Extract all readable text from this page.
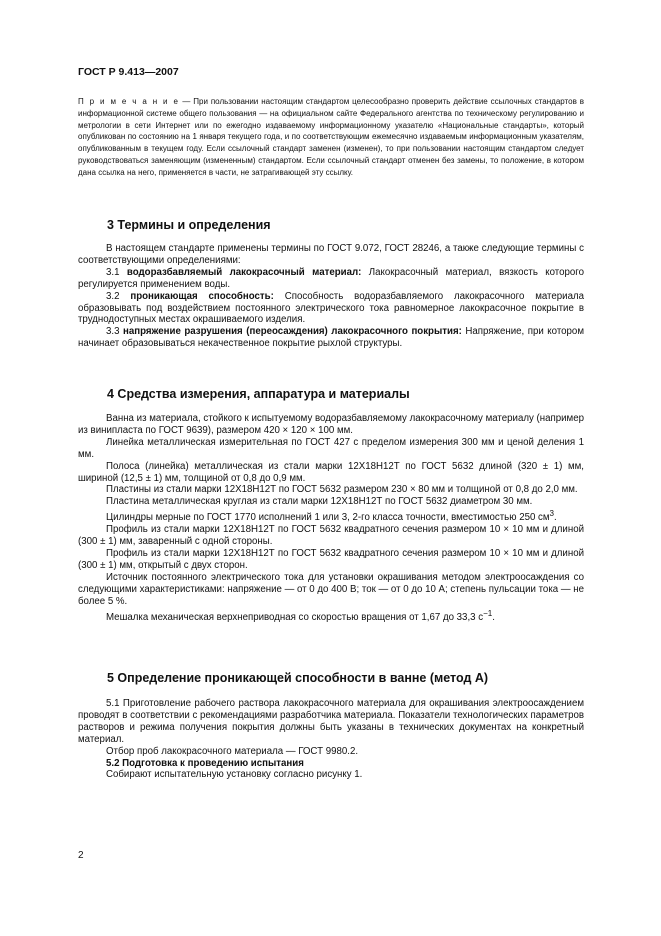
ГОСТ Р 9.413—2007
П р и м е ч а н и е — При пользовании настоящим стандартом целесообразно проверить действие ссылочных стандартов в информационной системе общего пользования — на официальном сайте Федерального агентства по техническому регулированию и метрологии в сети Интернет или по ежегодно издаваемому информационному указателю «Национальные стандарты», который опубликован по состоянию на 1 января текущего года, и по соответствующим ежемесячно издаваемым информационным указателям, опубликованным в текущем году. Если ссылочный стандарт заменен (изменен), то при пользовании настоящим стандартом следует руководствоваться заменяющим (измененным) стандартом. Если ссылочный стандарт отменен без замены, то положение, в котором дана ссылка на него, применяется в части, не затрагивающей эту ссылку.
3 Термины и определения

В настоящем стандарте применены термины по ГОСТ 9.072, ГОСТ 28246, а также следующие термины с соответствующими определениями:

3.1 водоразбавляемый лакокрасочный материал: Лакокрасочный материал, вязкость которого регулируется применением воды.

3.2 проникающая способность: Способность водоразбавляемого лакокрасочного материала образовывать под воздействием постоянного электрического тока равномерное лакокрасочное покрытие в труднодоступных местах окрашиваемого изделия.

3.3 напряжение разрушения (переосаждения) лакокрасочного покрытия: Напряжение, при котором начинает образовываться некачественное покрытие рыхлой структуры.

4 Средства измерения, аппаратура и материалы

Ванна из материала, стойкого к испытуемому водоразбавляемому лакокрасочному материалу (например из винипласта по ГОСТ 9639), размером 420 × 120 × 100 мм.

Линейка металлическая измерительная по ГОСТ 427 с пределом измерения 300 мм и ценой деления 1 мм.

Полоса (линейка) металлическая из стали марки 12Х18Н12Т по ГОСТ 5632 длиной (320 ± 1) мм, шириной (12,5 ± 1) мм, толщиной от 0,8 до 0,9 мм.

Пластины из стали марки 12Х18Н12Т по ГОСТ 5632 размером 230 × 80 мм и толщиной от 0,8 до 2,0 мм.

Пластина металлическая круглая из стали марки 12Х18Н12Т по ГОСТ 5632 диаметром 30 мм.

Цилиндры мерные по ГОСТ 1770 исполнений 1 или 3, 2-го класса точности, вместимостью 250 $см^3$.

Профиль из стали марки 12Х18Н12Т по ГОСТ 5632 квадратного сечения размером 10 × 10 мм и длиной (300 ± 1) мм, заваренный с одной стороны.

Профиль из стали марки 12Х18Н12Т по ГОСТ 5632 квадратного сечения размером 10 × 10 мм и длиной (300 ± 1) мм, открытый с двух сторон.

Источник постоянного электрического тока для установки окрашивания методом электроосаждения со следующими характеристиками: напряжение — от 0 до 400 В; ток — от 0 до 10 А; степень пульсации тока — не более 5 %.

Мешалка механическая верхнеприводная со скоростью вращения от 1,67 до 33,3 $с^{-1}$.

5 Определение проникающей способности в ванне (метод А)

5.1 Приготовление рабочего раствора лакокрасочного материала для окрашивания электроосаждением проводят в соответствии с рекомендациями разработчика материала. Показатели технологических параметров растворов и режима получения покрытия должны быть указаны в технических документах на конкретный материал.

Отбор проб лакокрасочного материала — ГОСТ 9980.2.

5.2 Подготовка к проведению испытания

Собирают испытательную установку согласно рисунку 1.

2
